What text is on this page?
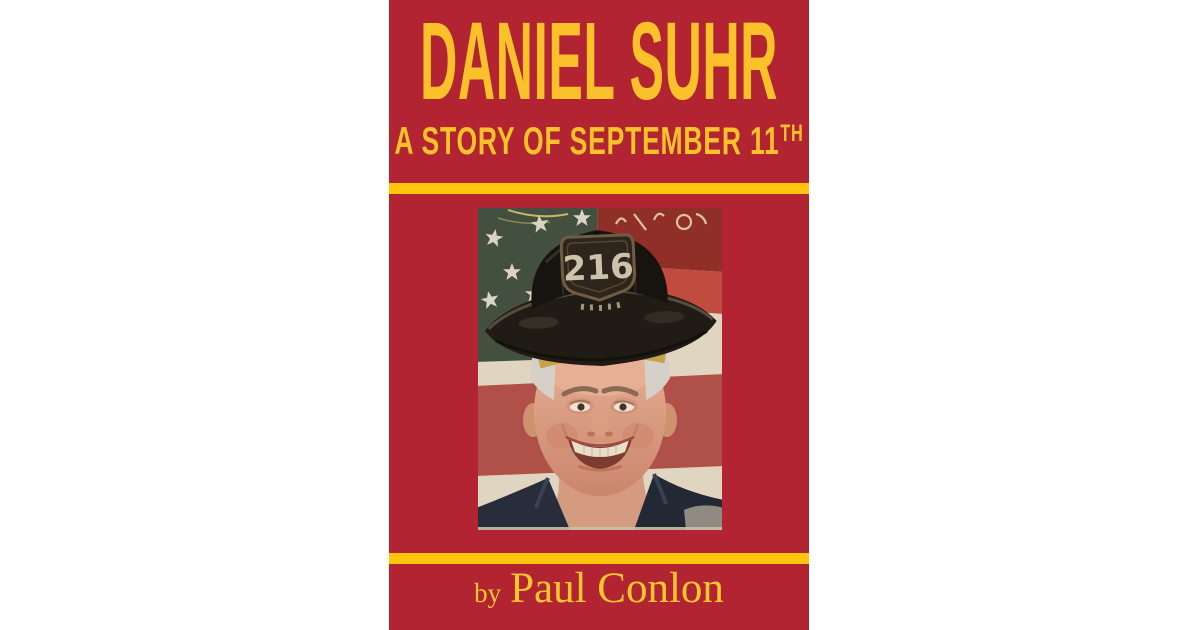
DANIEL SUHR
A STORY OF SEPTEMBER 11TH
216
by Paul Conlon
